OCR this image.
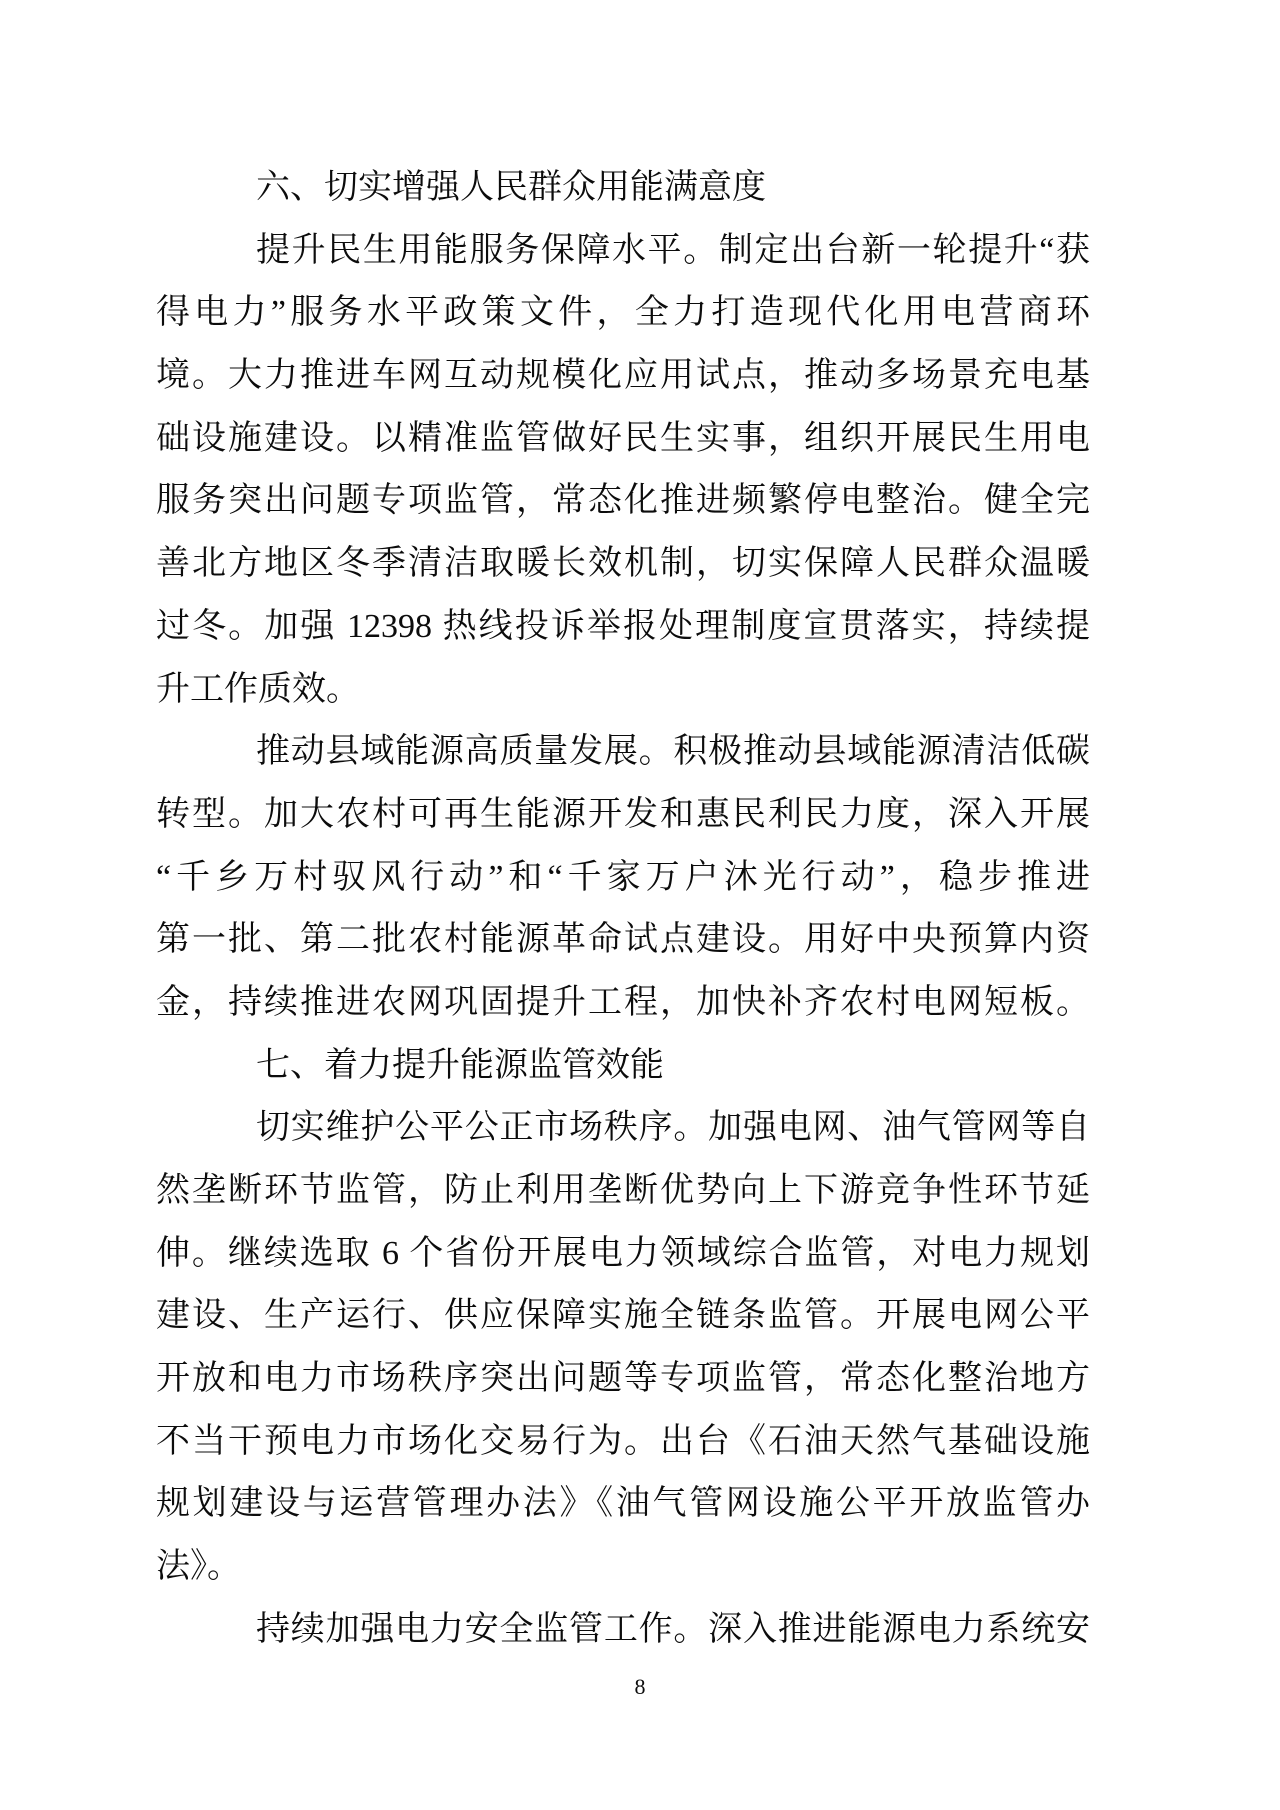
六、切实增强人民群众用能满意度

提升民生用能服务保障水平。制定出台新一轮提升“获

得电力”服务水平政策文件，全力打造现代化用电营商环

境。大力推进车网互动规模化应用试点，推动多场景充电基

础设施建设。以精准监管做好民生实事，组织开展民生用电

服务突出问题专项监管，常态化推进频繁停电整治。健全完

善北方地区冬季清洁取暖长效机制，切实保障人民群众温暖

过冬。加强 12398 热线投诉举报处理制度宣贯落实，持续提

升工作质效。

推动县域能源高质量发展。积极推动县域能源清洁低碳

转型。加大农村可再生能源开发和惠民利民力度，深入开展

“千乡万村驭风行动”和“千家万户沐光行动”，稳步推进

第一批、第二批农村能源革命试点建设。用好中央预算内资

金，持续推进农网巩固提升工程，加快补齐农村电网短板。

七、着力提升能源监管效能

切实维护公平公正市场秩序。加强电网、油气管网等自

然垄断环节监管，防止利用垄断优势向上下游竞争性环节延

伸。继续选取 6 个省份开展电力领域综合监管，对电力规划

建设、生产运行、供应保障实施全链条监管。开展电网公平

开放和电力市场秩序突出问题等专项监管，常态化整治地方

不当干预电力市场化交易行为。出台《石油天然气基础设施

规划建设与运营管理办法》《油气管网设施公平开放监管办

法》。

持续加强电力安全监管工作。深入推进能源电力系统安

8
